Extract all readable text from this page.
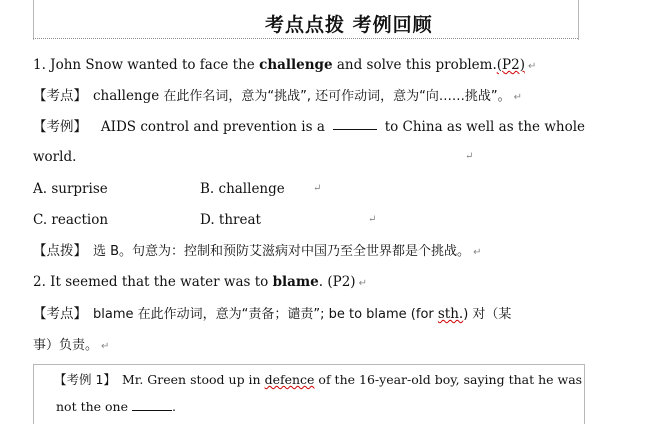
考点点拨 考例回顾
1. John Snow wanted to face the challenge and solve this problem.(P2) ↵
【考点】 challenge 在此作名词，意为“挑战”, 还可作动词，意为“向……挑战”。 ↵
【考例】 AIDS control and prevention is a	to China as well as the whole
world.	↵
A. surprise	B. challenge	↵
C. reaction	D. threat	↵
【点拨】 选 B。句意为：控制和预防艾滋病对中国乃至全世界都是个挑战。 ↵
2. It seemed that the water was to blame. (P2) ↵
【考点】 blame 在此作动词，意为“责备；谴责”; be to blame (for sth.) 对（某
事）负责。 ↵
【考例 1】 Mr. Green stood up in defence of the 16-year-old boy, saying that he was
not the one	.
